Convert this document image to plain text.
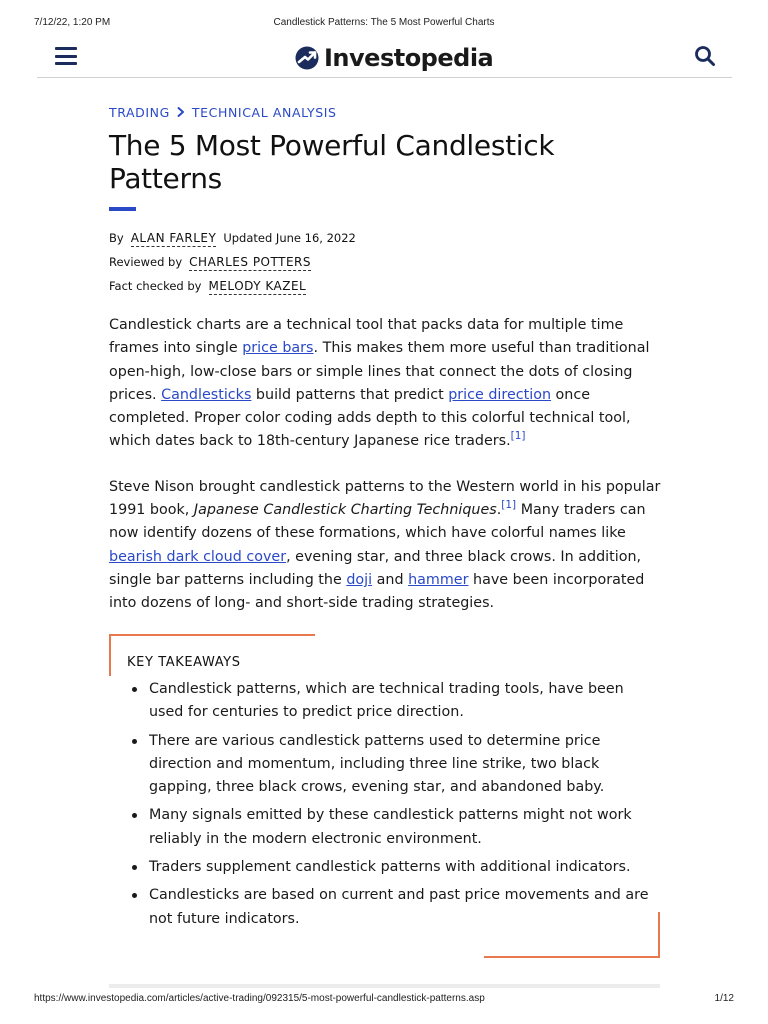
7/12/22, 1:20 PM	Candlestick Patterns: The 5 Most Powerful Charts
Investopedia
TRADING TECHNICAL ANALYSIS
The 5 Most Powerful Candlestick Patterns
By ALAN FARLEY Updated June 16, 2022
Reviewed by CHARLES POTTERS
Fact checked by MELODY KAZEL

Candlestick charts are a technical tool that packs data for multiple time frames into single price bars. This makes them more useful than traditional open-high, low-close bars or simple lines that connect the dots of closing prices. Candlesticks build patterns that predict price direction once completed. Proper color coding adds depth to this colorful technical tool, which dates back to 18th-century Japanese rice traders.[1]

Steve Nison brought candlestick patterns to the Western world in his popular 1991 book, Japanese Candlestick Charting Techniques.[1] Many traders can now identify dozens of these formations, which have colorful names like bearish dark cloud cover, evening star, and three black crows. In addition, single bar patterns including the doji and hammer have been incorporated into dozens of long- and short-side trading strategies.

KEY TAKEAWAYS
Candlestick patterns, which are technical trading tools, have been used for centuries to predict price direction.
There are various candlestick patterns used to determine price direction and momentum, including three line strike, two black gapping, three black crows, evening star, and abandoned baby.
Many signals emitted by these candlestick patterns might not work reliably in the modern electronic environment.
Traders supplement candlestick patterns with additional indicators.
Candlesticks are based on current and past price movements and are not future indicators.
https://www.investopedia.com/articles/active-trading/092315/5-most-powerful-candlestick-patterns.asp	1/12
